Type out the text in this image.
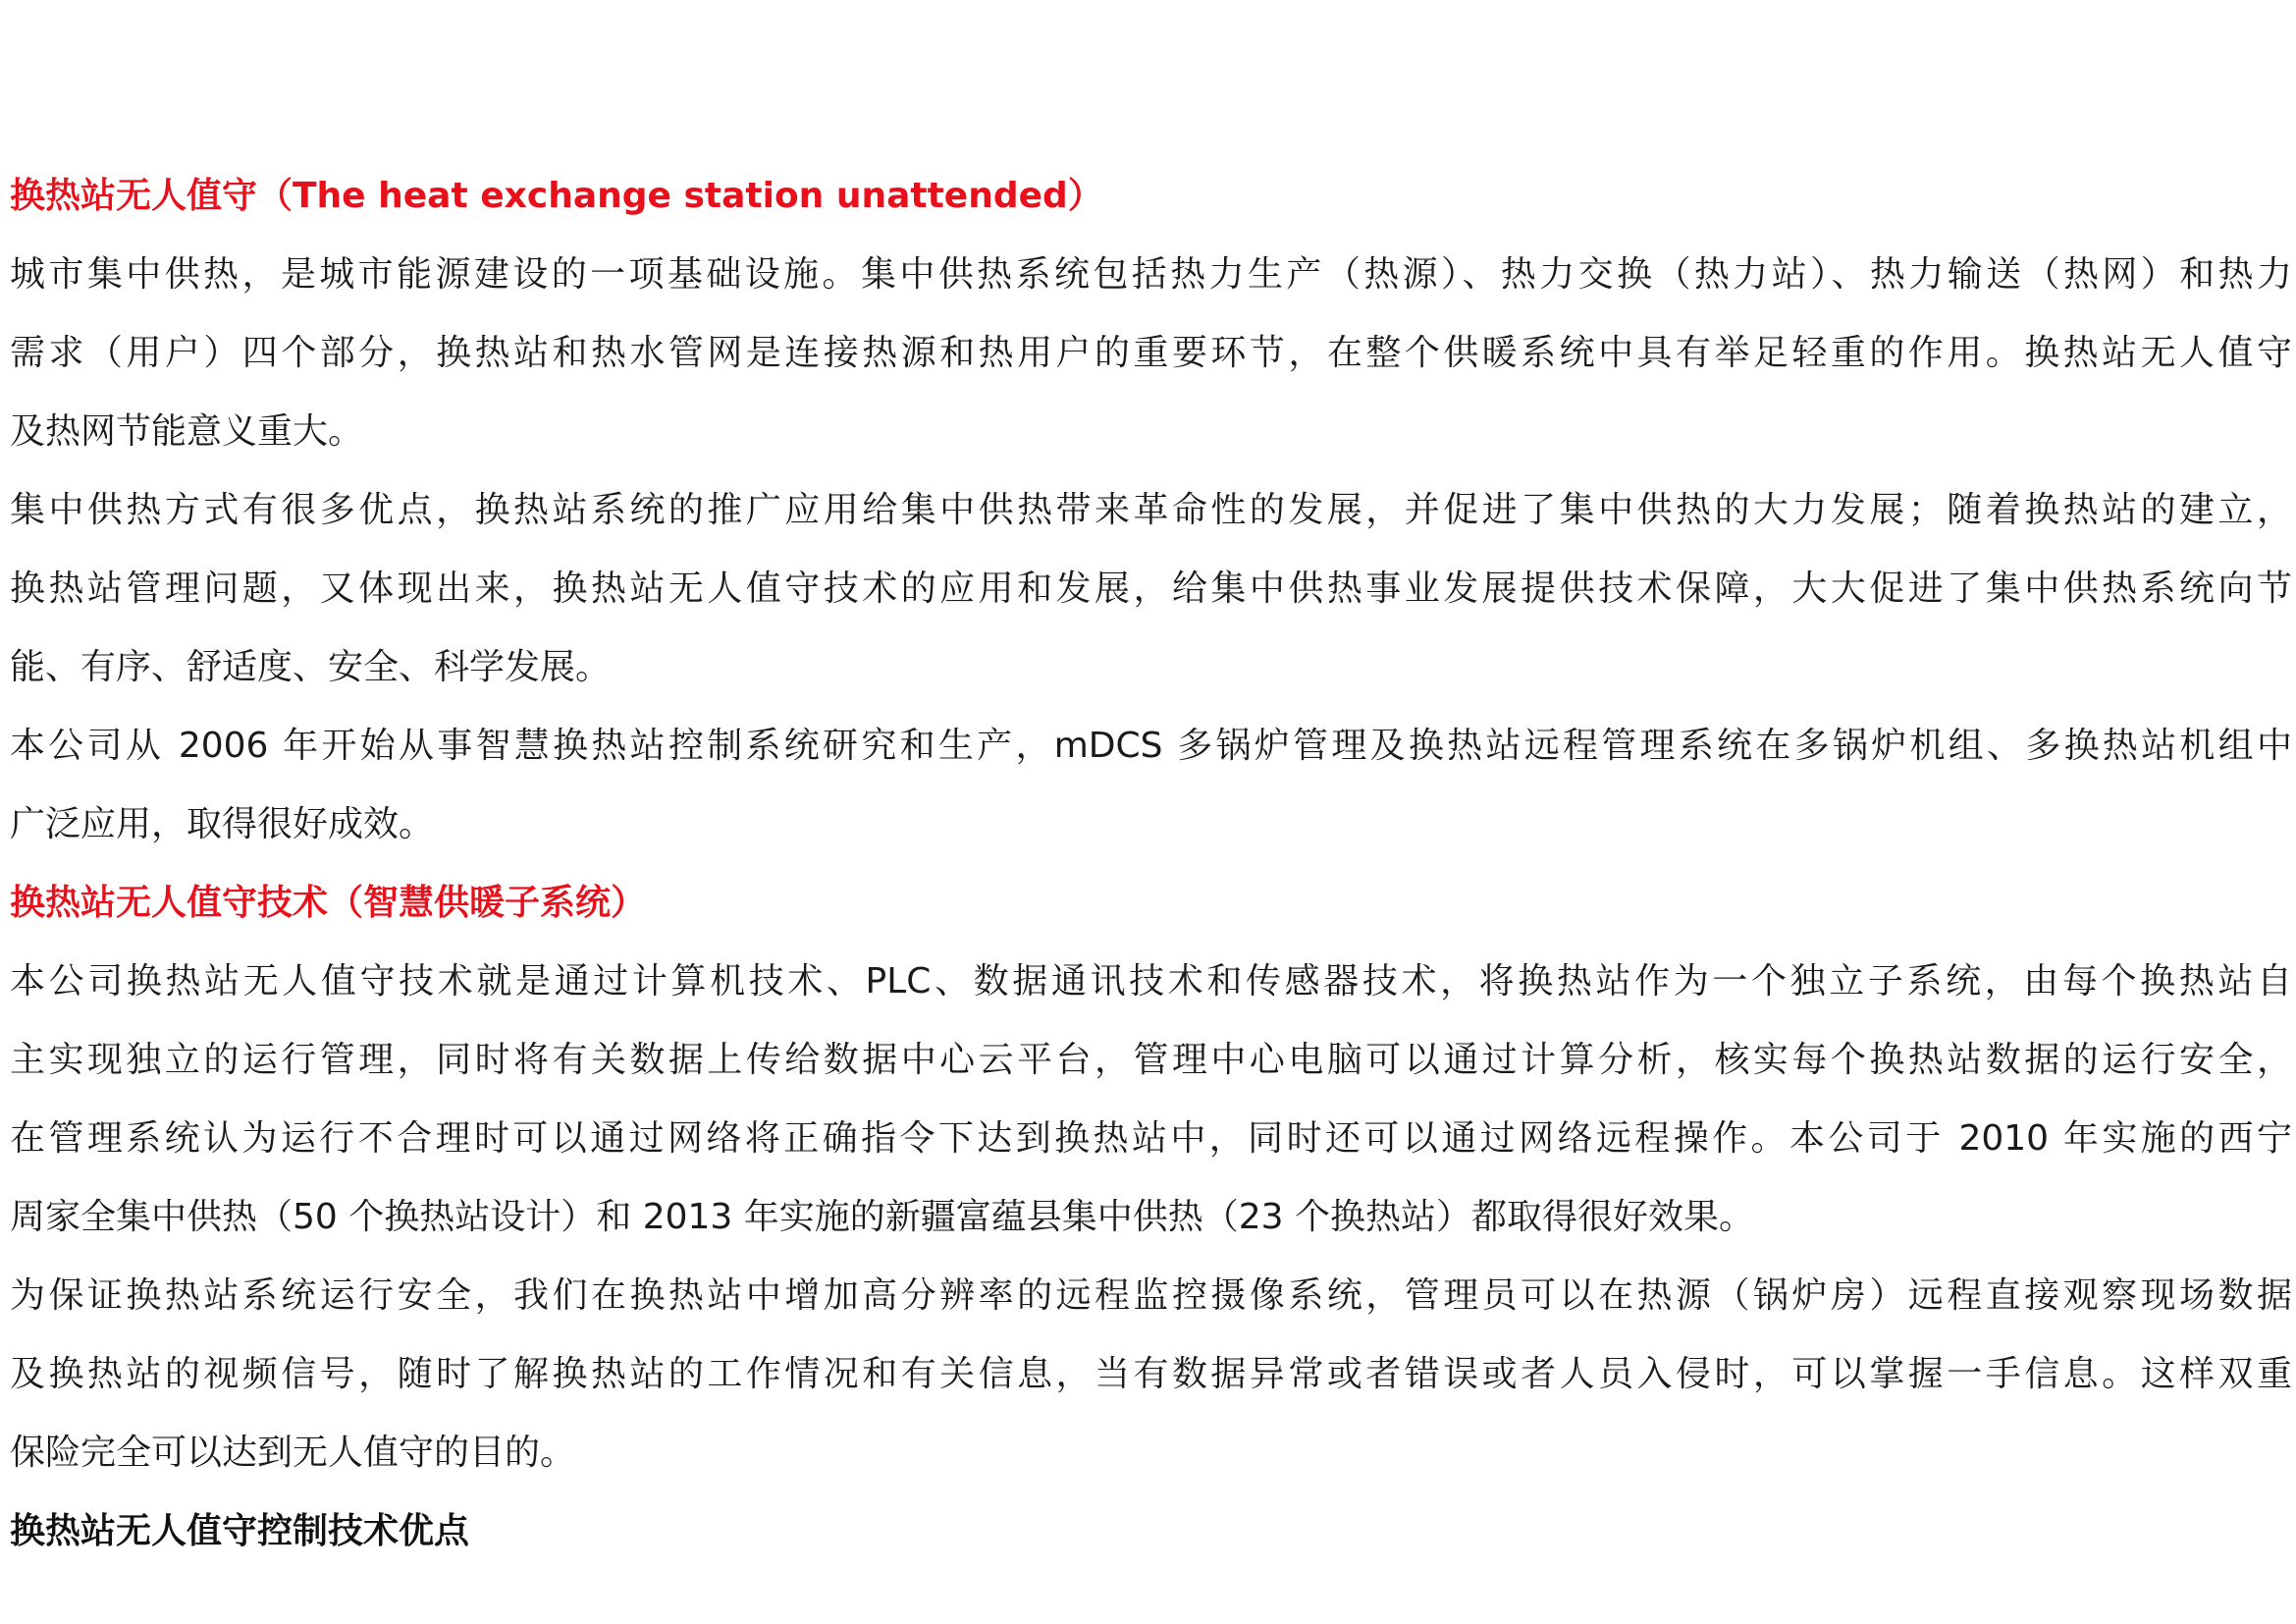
换热站无人值守（The heat exchange station unattended）
城市集中供热，是城市能源建设的一项基础设施。集中供热系统包括热力生产（热源）、热力交换（热力站）、热力输送（热网）和热力
需求（用户）四个部分，换热站和热水管网是连接热源和热用户的重要环节，在整个供暖系统中具有举足轻重的作用。换热站无人值守
及热网节能意义重大。
集中供热方式有很多优点，换热站系统的推广应用给集中供热带来革命性的发展，并促进了集中供热的大力发展；随着换热站的建立，
换热站管理问题，又体现出来，换热站无人值守技术的应用和发展，给集中供热事业发展提供技术保障，大大促进了集中供热系统向节
能、有序、舒适度、安全、科学发展。
本公司从 2006 年开始从事智慧换热站控制系统研究和生产，mDCS 多锅炉管理及换热站远程管理系统在多锅炉机组、多换热站机组中
广泛应用，取得很好成效。
换热站无人值守技术（智慧供暖子系统）
本公司换热站无人值守技术就是通过计算机技术、PLC、数据通讯技术和传感器技术，将换热站作为一个独立子系统，由每个换热站自
主实现独立的运行管理，同时将有关数据上传给数据中心云平台，管理中心电脑可以通过计算分析，核实每个换热站数据的运行安全，
在管理系统认为运行不合理时可以通过网络将正确指令下达到换热站中，同时还可以通过网络远程操作。本公司于 2010 年实施的西宁
周家全集中供热（50 个换热站设计）和 2013 年实施的新疆富蕴县集中供热（23 个换热站）都取得很好效果。
为保证换热站系统运行安全，我们在换热站中增加高分辨率的远程监控摄像系统，管理员可以在热源（锅炉房）远程直接观察现场数据
及换热站的视频信号，随时了解换热站的工作情况和有关信息，当有数据异常或者错误或者人员入侵时，可以掌握一手信息。这样双重
保险完全可以达到无人值守的目的。
换热站无人值守控制技术优点
